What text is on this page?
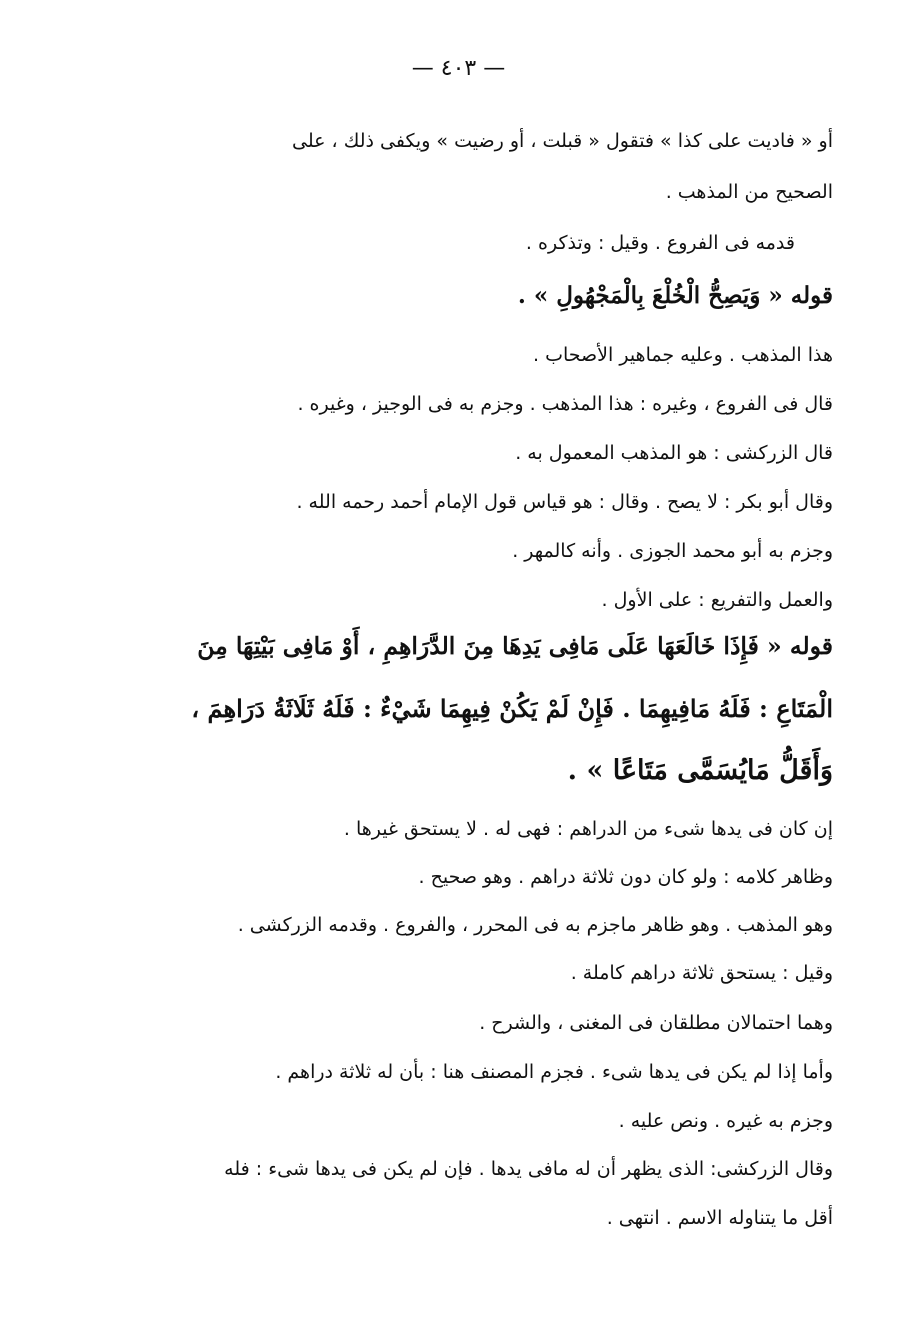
— ٤٠٣ —
أو « فاديت على كذا » فتقول « قبلت ، أو رضيت » ويكفى ذلك ، على
الصحيح من المذهب .
قدمه فى الفروع . وقيل : وتذكره .
قوله « وَيَصِحُّ الْخُلْعَ بِالْمَجْهُولِ » .
هذا المذهب . وعليه جماهير الأصحاب .
قال فى الفروع ، وغيره : هذا المذهب . وجزم به فى الوجيز ، وغيره .
قال الزركشى : هو المذهب المعمول به .
وقال أبو بكر : لا يصح . وقال : هو قياس قول الإمام أحمد رحمه الله .
وجزم به أبو محمد الجوزى . وأنه كالمهر .
والعمل والتفريع : على الأول .
قوله « فَإِذَا خَالَعَهَا عَلَى مَافِى يَدِهَا مِنَ الدَّرَاهِمِ ، أَوْ مَافِى بَيْتِهَا مِنَ
الْمَتَاعِ : فَلَهُ مَافِيهِمَا . فَإِنْ لَمْ يَكُنْ فِيهِمَا شَيْءٌ : فَلَهُ ثَلَاثَةُ دَرَاهِمَ ،
وَأَقَلُّ مَايُسَمَّى مَتَاعًا » .
إن كان فى يدها شىء من الدراهم : فهى له . لا يستحق غيرها .
وظاهر كلامه : ولو كان دون ثلاثة دراهم . وهو صحيح .
وهو المذهب . وهو ظاهر ماجزم به فى المحرر ، والفروع . وقدمه الزركشى .
وقيل : يستحق ثلاثة دراهم كاملة .
وهما احتمالان مطلقان فى المغنى ، والشرح .
وأما إذا لم يكن فى يدها شىء . فجزم المصنف هنا : بأن له ثلاثة دراهم .
وجزم به غيره . ونص عليه .
وقال الزركشى: الذى يظهر أن له مافى يدها . فإن لم يكن فى يدها شىء : فله
أقل ما يتناوله الاسم . انتهى .
